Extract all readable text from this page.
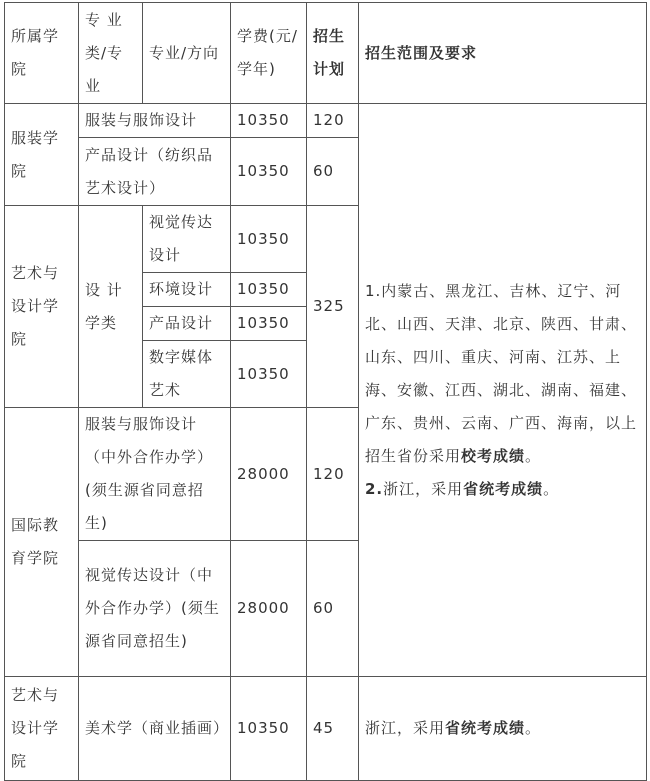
所属学院	专 业类/专业	专业/方向	学费(元/学年)	招生计划	招生范围及要求
服装学院	服装与服饰设计		10350	120	1.内蒙古、黑龙江、吉林、辽宁、河北、山西、天津、北京、陕西、甘肃、山东、四川、重庆、河南、江苏、上海、安徽、江西、湖北、湖南、福建、广东、贵州、云南、广西、海南，以上招生省份采用校考成绩。
2.浙江，采用省统考成绩。

	产品设计（纺织品艺术设计）		10350	60	
艺术与设计学院	设 计 学类	视觉传达设计	10350	325	
		环境设计	10350		
		产品设计	10350		
		数字媒体艺术	10350		
国际教育学院	服装与服饰设计（中外合作办学）(须生源省同意招生)		28000	120	
	视觉传达设计（中外合作办学）(须生源省同意招生)		28000	60	
艺术与设计学院	美术学（商业插画）		10350	45	浙江，采用省统考成绩。
